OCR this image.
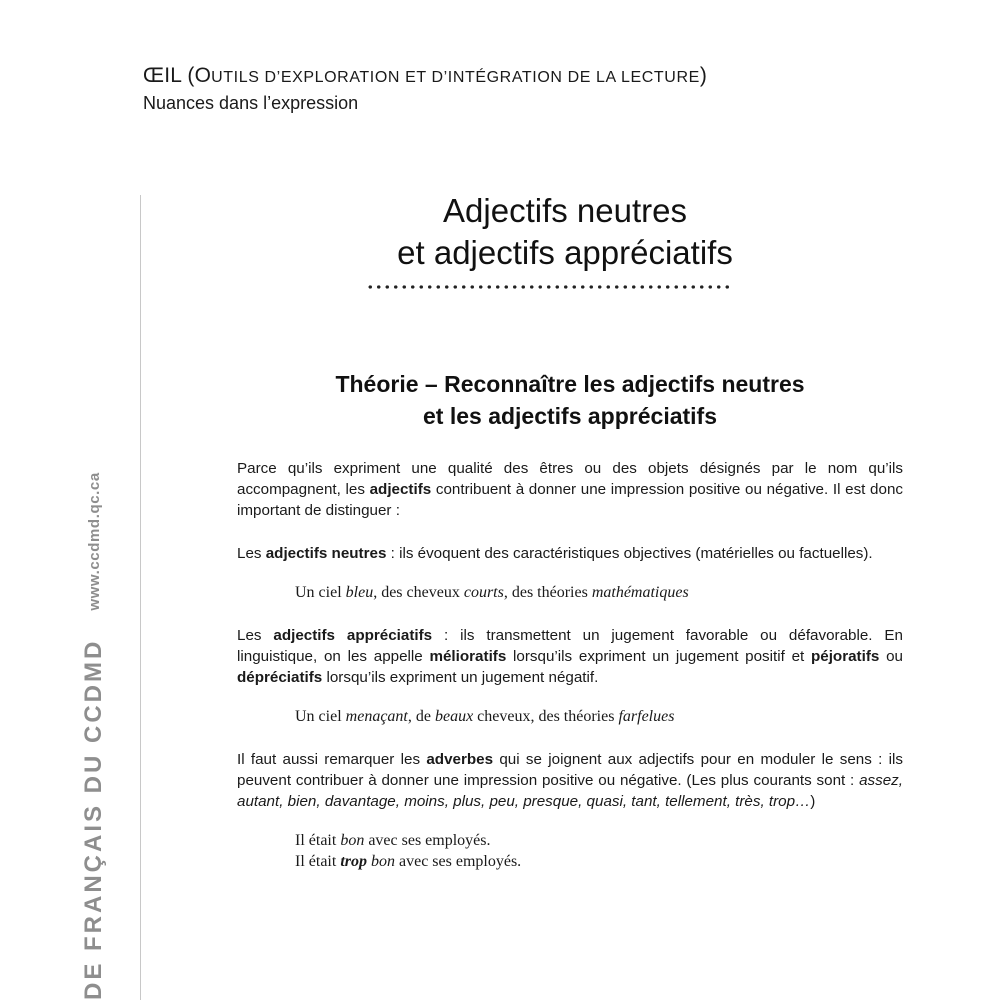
ŒIL (OUTILS D’EXPLORATION ET D’INTÉGRATION DE LA LECTURE)
Nuances dans l’expression
DE FRANÇAIS DU CCDMD
www.ccdmd.qc.ca
Adjectifs neutres
et adjectifs appréciatifs
Théorie – Reconnaître les adjectifs neutres
et les adjectifs appréciatifs

Parce qu’ils expriment une qualité des êtres ou des objets désignés par le nom qu’ils accompagnent, les adjectifs contribuent à donner une impression positive ou négative. Il est donc important de distinguer :

Les adjectifs neutres : ils évoquent des caractéristiques objectives (matérielles ou factuelles).

Un ciel bleu, des cheveux courts, des théories mathématiques

Les adjectifs appréciatifs : ils transmettent un jugement favorable ou défavorable. En linguistique, on les appelle mélioratifs lorsqu’ils expriment un jugement positif et péjoratifs ou dépréciatifs lorsqu’ils expriment un jugement négatif.

Un ciel menaçant, de beaux cheveux, des théories farfelues

Il faut aussi remarquer les adverbes qui se joignent aux adjectifs pour en moduler le sens : ils peuvent contribuer à donner une impression positive ou négative. (Les plus courants sont : assez, autant, bien, davantage, moins, plus, peu, presque, quasi, tant, tellement, très, trop…)

Il était bon avec ses employés.

Il était trop bon avec ses employés.
